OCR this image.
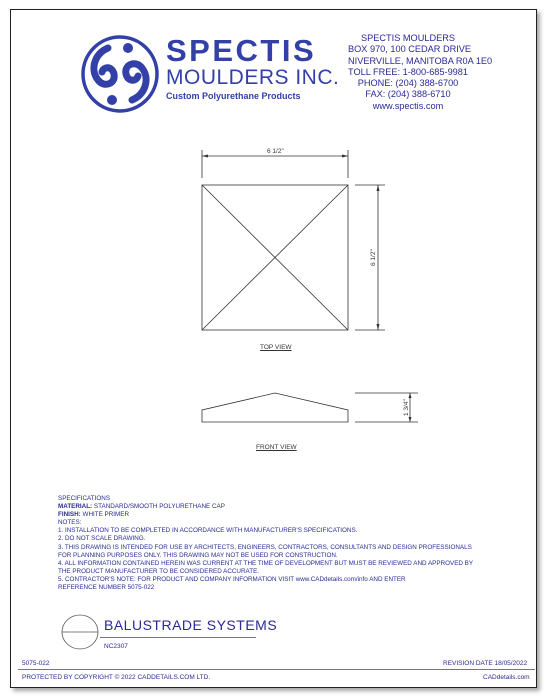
SPECTIS
MOULDERS INC.
Custom Polyurethane Products
SPECTIS MOULDERS
BOX 970, 100 CEDAR DRIVE
NIVERVILLE, MANITOBA R0A 1E0
TOLL FREE: 1-800-685-9981
PHONE: (204) 388-6700
FAX: (204) 388-6710
www.spectis.com
6 1/2"
6 1/2"
1 3/4"
TOP VIEW
FRONT VIEW
SPECIFICATIONS
MATERIAL: STANDARD/SMOOTH POLYURETHANE CAP
FINISH: WHITE PRIMER
NOTES:
1. INSTALLATION TO BE COMPLETED IN ACCORDANCE WITH MANUFACTURER'S SPECIFICATIONS.
2. DO NOT SCALE DRAWING.
3. THIS DRAWING IS INTENDED FOR USE BY ARCHITECTS, ENGINEERS, CONTRACTORS, CONSULTANTS AND DESIGN PROFESSIONALS
FOR PLANNING PURPOSES ONLY. THIS DRAWING MAY NOT BE USED FOR CONSTRUCTION.
4. ALL INFORMATION CONTAINED HEREIN WAS CURRENT AT THE TIME OF DEVELOPMENT BUT MUST BE REVIEWED AND APPROVED BY
THE PRODUCT MANUFACTURER TO BE CONSIDERED ACCURATE.
5. CONTRACTOR'S NOTE: FOR PRODUCT AND COMPANY INFORMATION VISIT www.CADdetails.com/info AND ENTER
REFERENCE NUMBER 5075-022
BALUSTRADE SYSTEMS
NC2307
5075-022	REVISION DATE 18/05/2022
PROTECTED BY COPYRIGHT © 2022 CADDETAILS.COM LTD.	CADdetails.com
